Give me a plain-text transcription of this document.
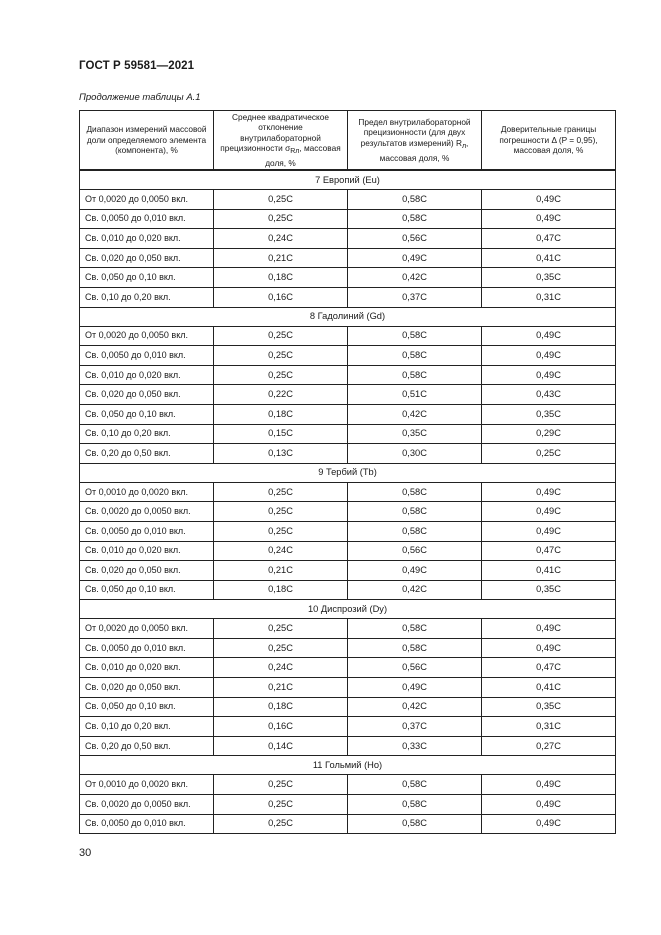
ГОСТ Р 59581—2021
Продолжение таблицы А.1
Диапазон измерений массовой доли определяемого элемента (компонента), %	Среднее квадратическое отклонение внутрилабораторной прецизионности $\sigma_{Rл}$, массовая доля, %	Предел внутрилабораторной прецизионности (для двух результатов измерений) $R_л$, массовая доля, %	Доверительные границы погрешности Δ (P = 0,95), массовая доля, %
7 Европий (Eu)			
От 0,0020 до 0,0050 вкл.	0,25C	0,58C	0,49C
Св. 0,0050 до 0,010 вкл.	0,25C	0,58C	0,49C
Св. 0,010 до 0,020 вкл.	0,24C	0,56C	0,47C
Св. 0,020 до 0,050 вкл.	0,21C	0,49C	0,41C
Св. 0,050 до 0,10 вкл.	0,18C	0,42C	0,35C
Св. 0,10 до 0,20 вкл.	0,16C	0,37C	0,31C
8 Гадолиний (Gd)			
От 0,0020 до 0,0050 вкл.	0,25C	0,58C	0,49C
Св. 0,0050 до 0,010 вкл.	0,25C	0,58C	0,49C
Св. 0,010 до 0,020 вкл.	0,25C	0,58C	0,49C
Св. 0,020 до 0,050 вкл.	0,22C	0,51C	0,43C
Св. 0,050 до 0,10 вкл.	0,18C	0,42C	0,35C
Св. 0,10 до 0,20 вкл.	0,15C	0,35C	0,29C
Св. 0,20 до 0,50 вкл.	0,13C	0,30C	0,25C
9 Тербий (Tb)			
От 0,0010 до 0,0020 вкл.	0,25C	0,58C	0,49C
Св. 0,0020 до 0,0050 вкл.	0,25C	0,58C	0,49C
Св. 0,0050 до 0,010 вкл.	0,25C	0,58C	0,49C
Св. 0,010 до 0,020 вкл.	0,24C	0,56C	0,47C
Св. 0,020 до 0,050 вкл.	0,21C	0,49C	0,41C
Св. 0,050 до 0,10 вкл.	0,18C	0,42C	0,35C
10 Диспрозий (Dy)			
От 0,0020 до 0,0050 вкл.	0,25C	0,58C	0,49C
Св. 0,0050 до 0,010 вкл.	0,25C	0,58C	0,49C
Св. 0,010 до 0,020 вкл.	0,24C	0,56C	0,47C
Св. 0,020 до 0,050 вкл.	0,21C	0,49C	0,41C
Св. 0,050 до 0,10 вкл.	0,18C	0,42C	0,35C
Св. 0,10 до 0,20 вкл.	0,16C	0,37C	0,31C
Св. 0,20 до 0,50 вкл.	0,14C	0,33C	0,27C
11 Гольмий (Ho)			
От 0,0010 до 0,0020 вкл.	0,25C	0,58C	0,49C
Св. 0,0020 до 0,0050 вкл.	0,25C	0,58C	0,49C
Св. 0,0050 до 0,010 вкл.	0,25C	0,58C	0,49C
30
